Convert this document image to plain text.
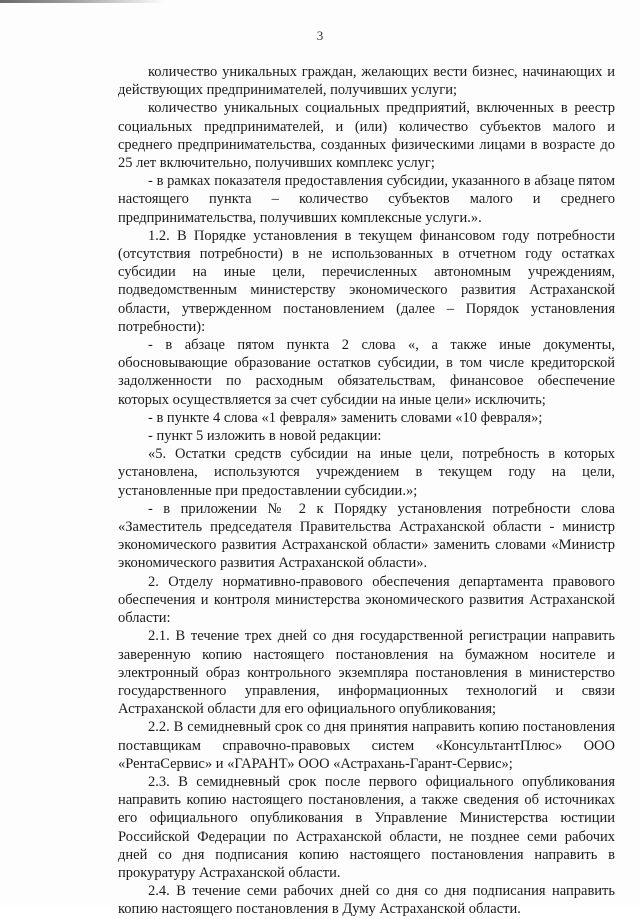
3

количество уникальных граждан, желающих вести бизнес, начинающих и действующих предпринимателей, получивших услуги;

количество уникальных социальных предприятий, включенных в реестр социальных предпринимателей, и (или) количество субъектов малого и среднего предпринимательства, созданных физическими лицами в возрасте до 25 лет включительно, получивших комплекс услуг;

- в рамках показателя предоставления субсидии, указанного в абзаце пятом настоящего пункта – количество субъектов малого и среднего предпринимательства, получивших комплексные услуги.».

1.2. В Порядке установления в текущем финансовом году потребности (отсутствия потребности) в не использованных в отчетном году остатках субсидии на иные цели, перечисленных автономным учреждениям, подведомственным министерству экономического развития Астраханской области, утвержденном постановлением (далее – Порядок установления потребности):

- в абзаце пятом пункта 2 слова «, а также иные документы, обосновывающие образование остатков субсидии, в том числе кредиторской задолженности по расходным обязательствам, финансовое обеспечение которых осуществляется за счет субсидии на иные цели» исключить;

- в пункте 4 слова «1 февраля» заменить словами «10 февраля»;

- пункт 5 изложить в новой редакции:

«5. Остатки средств субсидии на иные цели, потребность в которых установлена, используются учреждением в текущем году на цели, установленные при предоставлении субсидии.»;

- в приложении № 2 к Порядку установления потребности слова «Заместитель председателя Правительства Астраханской области - министр экономического развития Астраханской области» заменить словами «Министр экономического развития Астраханской области».

2. Отделу нормативно-правового обеспечения департамента правового обеспечения и контроля министерства экономического развития Астраханской области:

2.1. В течение трех дней со дня государственной регистрации направить заверенную копию настоящего постановления на бумажном носителе и электронный образ контрольного экземпляра постановления в министерство государственного управления, информационных технологий и связи Астраханской области для его официального опубликования;

2.2. В семидневный срок со дня принятия направить копию постановления поставщикам справочно-правовых систем «КонсультантПлюс» ООО «РентаСервис» и «ГАРАНТ» ООО «Астрахань-Гарант-Сервис»;

2.3. В семидневный срок после первого официального опубликования направить копию настоящего постановления, а также сведения об источниках его официального опубликования в Управление Министерства юстиции Российской Федерации по Астраханской области, не позднее семи рабочих дней со дня подписания копию настоящего постановления направить в прокуратуру Астраханской области.

2.4. В течение семи рабочих дней со дня со дня подписания направить копию настоящего постановления в Думу Астраханской области.
